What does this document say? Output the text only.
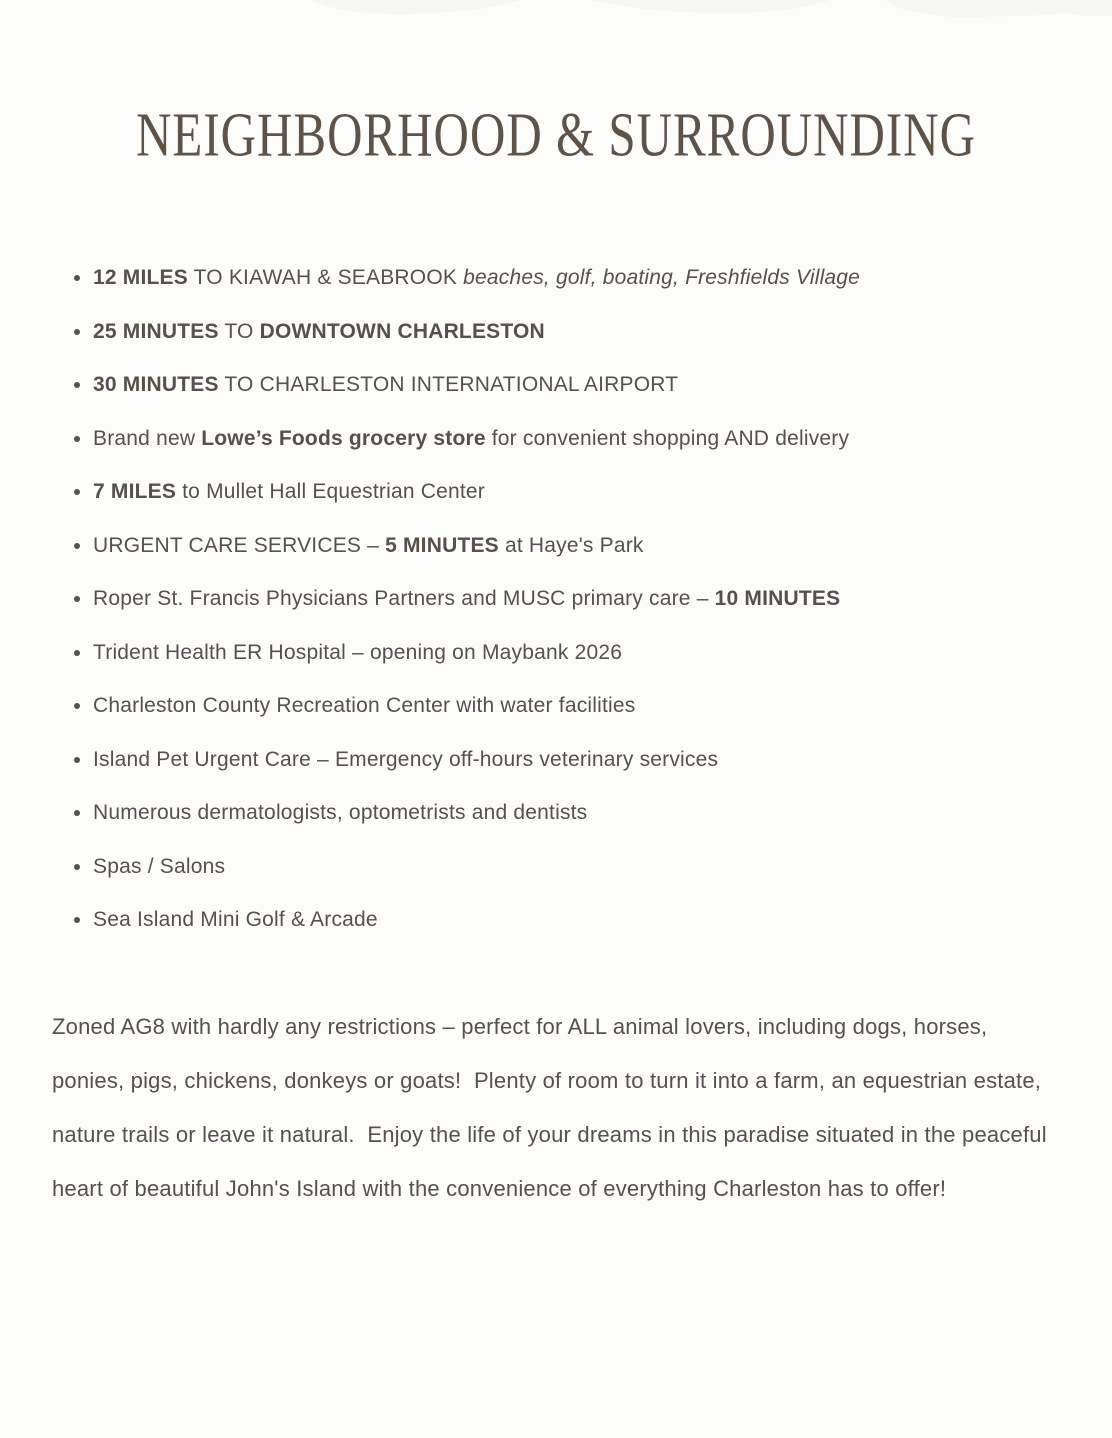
NEIGHBORHOOD & SURROUNDING
12 MILES TO KIAWAH & SEABROOK beaches, golf, boating, Freshfields Village
25 MINUTES TO DOWNTOWN CHARLESTON
30 MINUTES TO CHARLESTON INTERNATIONAL AIRPORT
Brand new Lowe’s Foods grocery store for convenient shopping AND delivery
7 MILES to Mullet Hall Equestrian Center
URGENT CARE SERVICES – 5 MINUTES at Haye's Park
Roper St. Francis Physicians Partners and MUSC primary care – 10 MINUTES
Trident Health ER Hospital – opening on Maybank 2026
Charleston County Recreation Center with water facilities
Island Pet Urgent Care – Emergency off-hours veterinary services
Numerous dermatologists, optometrists and dentists
Spas / Salons
Sea Island Mini Golf & Arcade

Zoned AG8 with hardly any restrictions – perfect for ALL animal lovers, including dogs, horses, ponies, pigs, chickens, donkeys or goats!  Plenty of room to turn it into a farm, an equestrian estate, nature trails or leave it natural.  Enjoy the life of your dreams in this paradise situated in the peaceful heart of beautiful John's Island with the convenience of everything Charleston has to offer!
